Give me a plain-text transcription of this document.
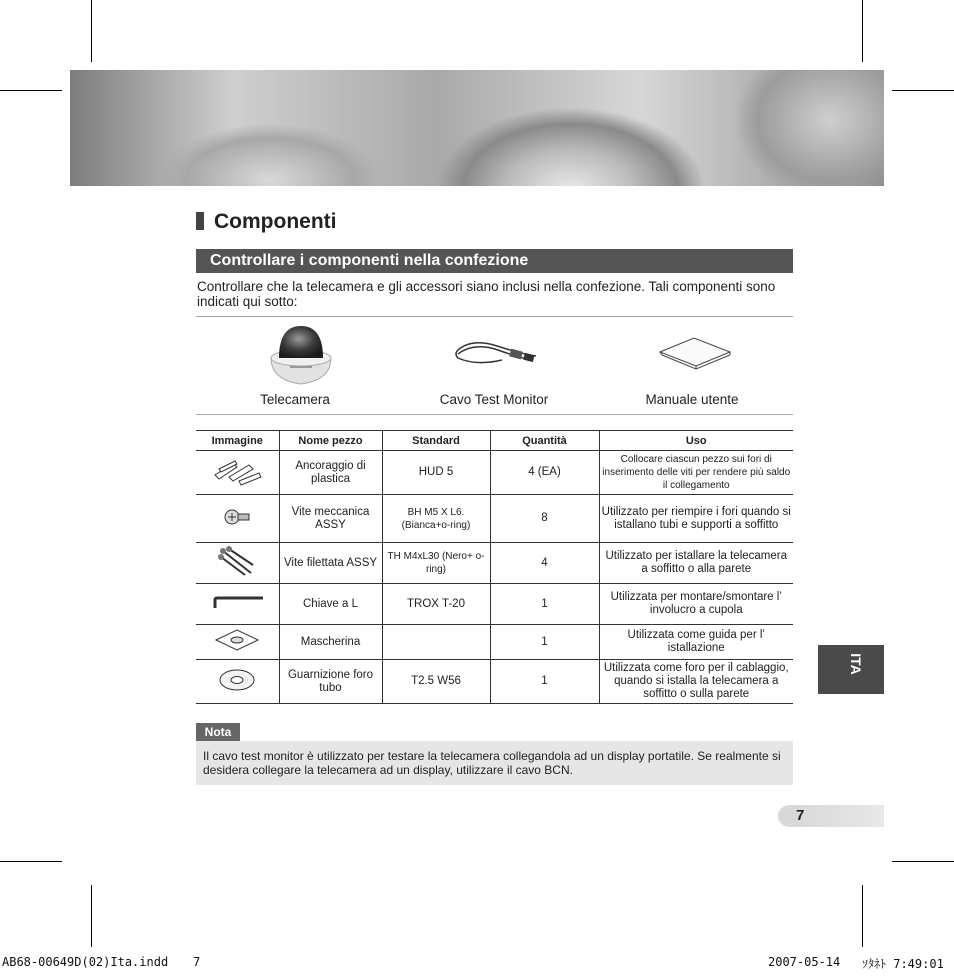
Componenti
Controllare i componenti nella confezione
Controllare che la telecamera e gli accessori siano inclusi nella confezione. Tali componenti sono indicati qui sotto:
Telecamera	Cavo Test Monitor	Manuale utente
Immagine	Nome pezzo	Standard	Quantità	Uso
	Ancoraggio di plastica	HUD 5	4 (EA)	Collocare ciascun pezzo sui fori di inserimento delle viti per rendere più saldo il collegamento
	Vite meccanica ASSY	BH M5 X L6. (Bianca+o-ring)	8	Utilizzato per riempire i fori quando si istallano tubi e supporti a soffitto
	Vite filettata ASSY	TH M4xL30 (Nero+ o-ring)	4	Utilizzato per istallare la telecamera a soffitto o alla parete
	Chiave a L	TROX T-20	1	Utilizzata per montare/smontare l’ involucro a cupola
	Mascherina		1	Utilizzata come guida per l’ istallazione
	Guarnizione foro tubo	T2.5 W56	1	Utilizzata come foro per il cablaggio, quando si istalla la telecamera a soffitto o sulla parete
Nota
Il cavo test monitor è utilizzato per testare la telecamera collegandola ad un display portatile. Se realmente si desidera collegare la telecamera ad un display, utilizzare il cavo BCN.
ITA
7
AB68-00649D(02)Ita.indd 7	2007-05-14 ｿﾀﾈﾄ 7:49:01
